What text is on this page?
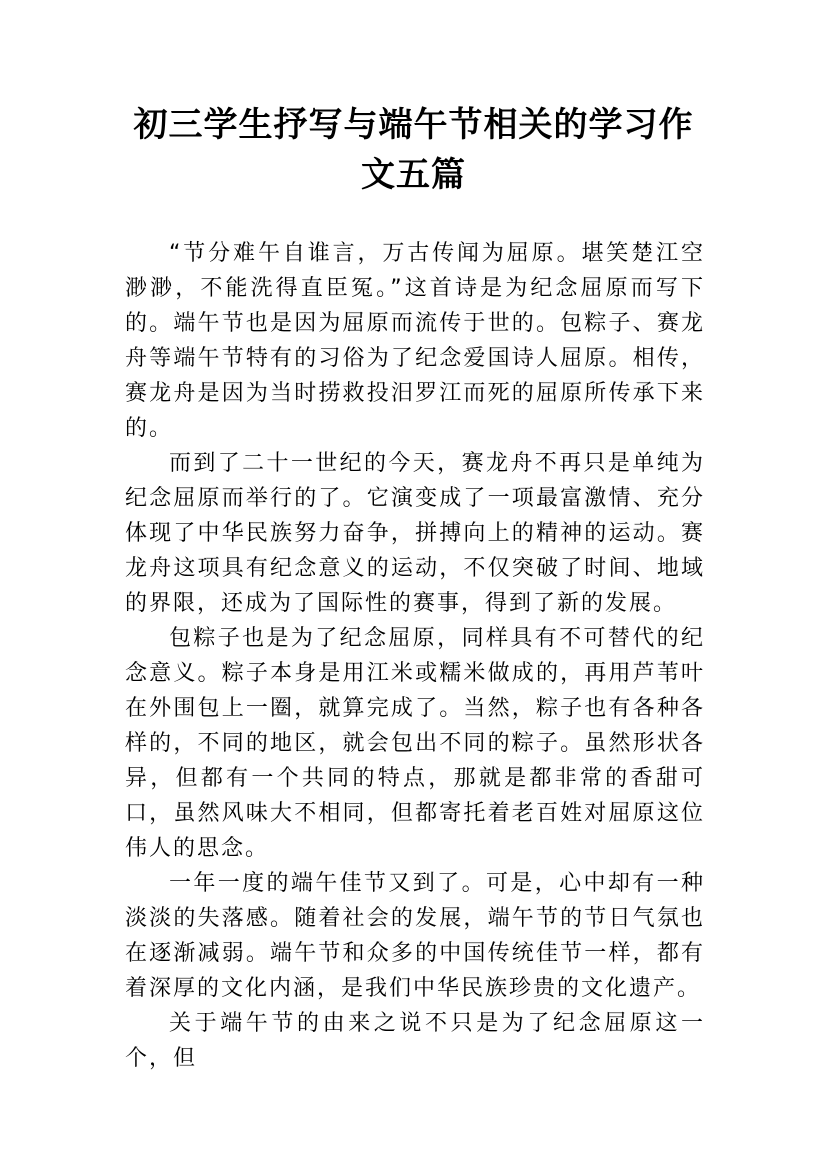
初三学生抒写与端午节相关的学习作文五篇

“节分难午自谁言，万古传闻为屈原。堪笑楚江空渺渺，不能洗得直臣冤。”这首诗是为纪念屈原而写下的。端午节也是因为屈原而流传于世的。包粽子、赛龙舟等端午节特有的习俗为了纪念爱国诗人屈原。相传，赛龙舟是因为当时捞救投汨罗江而死的屈原所传承下来的。

而到了二十一世纪的今天，赛龙舟不再只是单纯为纪念屈原而举行的了。它演变成了一项最富激情、充分体现了中华民族努力奋争，拼搏向上的精神的运动。赛龙舟这项具有纪念意义的运动，不仅突破了时间、地域的界限，还成为了国际性的赛事，得到了新的发展。

包粽子也是为了纪念屈原，同样具有不可替代的纪念意义。粽子本身是用江米或糯米做成的，再用芦苇叶在外围包上一圈，就算完成了。当然，粽子也有各种各样的，不同的地区，就会包出不同的粽子。虽然形状各异，但都有一个共同的特点，那就是都非常的香甜可口，虽然风味大不相同，但都寄托着老百姓对屈原这位伟人的思念。

一年一度的端午佳节又到了。可是，心中却有一种淡淡的失落感。随着社会的发展，端午节的节日气氛也在逐渐减弱。端午节和众多的中国传统佳节一样，都有着深厚的文化内涵，是我们中华民族珍贵的文化遗产。

关于端午节的由来之说不只是为了纪念屈原这一个，但
